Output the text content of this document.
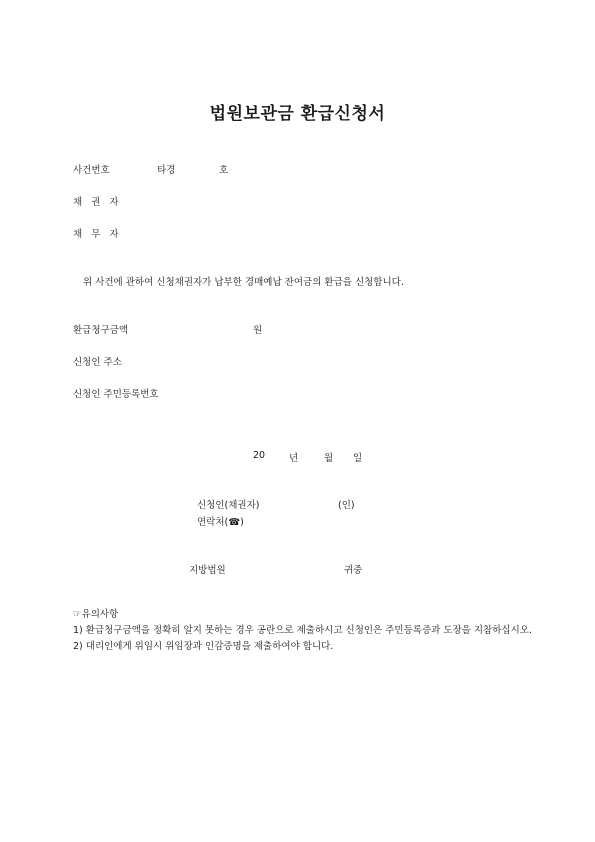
법원보관금 환급신청서
사건번호	타경	호
채 권 자
채 무 자
위 사건에 관하여 신청채권자가 납부한 경매예납 잔여금의 환급을 신청합니다.
환급청구금액	원
신청인 주소
신청인 주민등록번호
20	년	월 일
신청인(채권자)	(인)
연락처(☎)
지방법원	귀중

☞유의사항

1) 환급청구금액을 정확히 알지 못하는 경우 공란으로 제출하시고 신청인은 주민등록증과 도장을 지참하십시오.

2) 대리인에게 위임시 위임장과 인감증명을 제출하여야 합니다.
